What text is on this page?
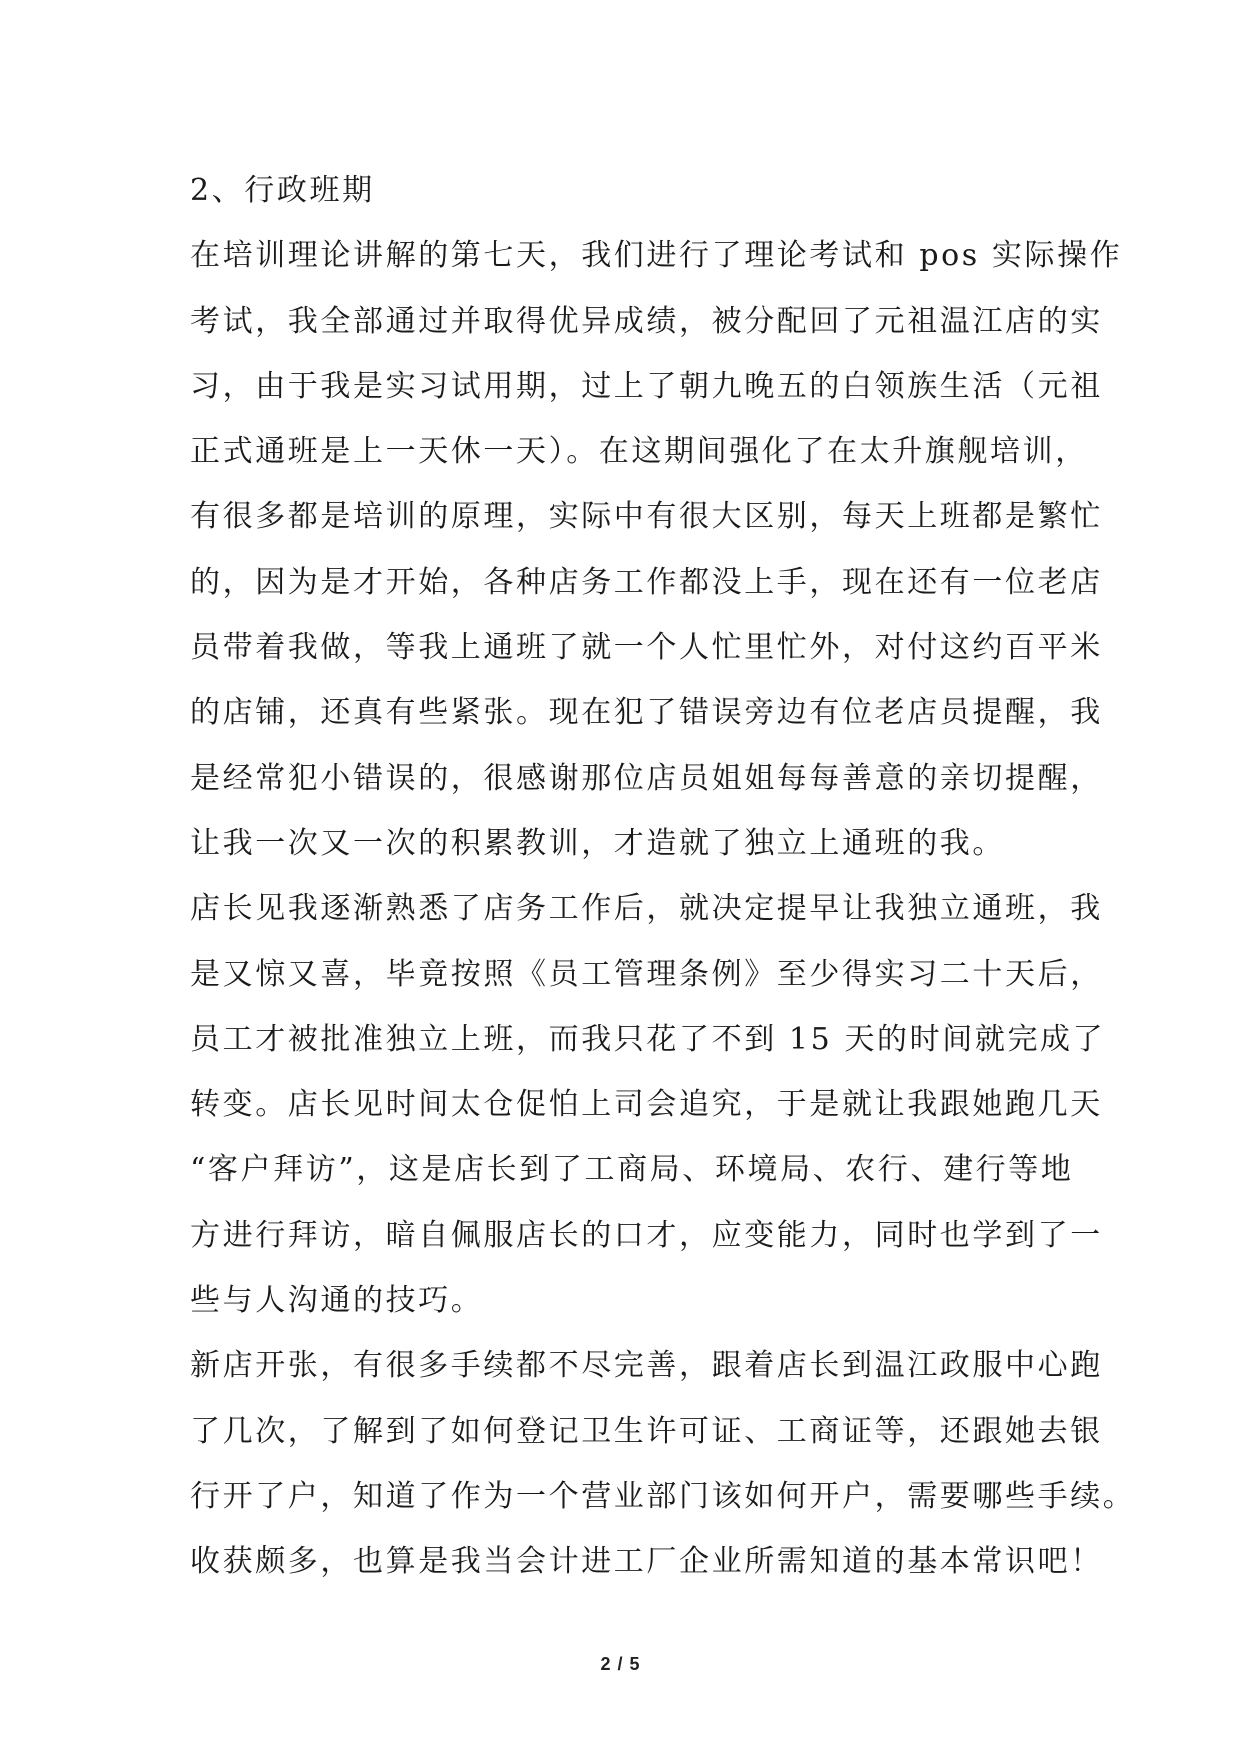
2、行政班期
在培训理论讲解的第七天，我们进行了理论考试和 pos 实际操作
考试，我全部通过并取得优异成绩，被分配回了元祖温江店的实
习，由于我是实习试用期，过上了朝九晚五的白领族生活（元祖
正式通班是上一天休一天）。在这期间强化了在太升旗舰培训，
有很多都是培训的原理，实际中有很大区别，每天上班都是繁忙
的，因为是才开始，各种店务工作都没上手，现在还有一位老店
员带着我做，等我上通班了就一个人忙里忙外，对付这约百平米
的店铺，还真有些紧张。现在犯了错误旁边有位老店员提醒，我
是经常犯小错误的，很感谢那位店员姐姐每每善意的亲切提醒，
让我一次又一次的积累教训，才造就了独立上通班的我。
店长见我逐渐熟悉了店务工作后，就决定提早让我独立通班，我
是又惊又喜，毕竟按照《员工管理条例》至少得实习二十天后，
员工才被批准独立上班，而我只花了不到 15 天的时间就完成了
转变。店长见时间太仓促怕上司会追究，于是就让我跟她跑几天
“客户拜访”，这是店长到了工商局、环境局、农行、建行等地
方进行拜访，暗自佩服店长的口才，应变能力，同时也学到了一
些与人沟通的技巧。
新店开张，有很多手续都不尽完善，跟着店长到温江政服中心跑
了几次，了解到了如何登记卫生许可证、工商证等，还跟她去银
行开了户，知道了作为一个营业部门该如何开户，需要哪些手续。
收获颇多，也算是我当会计进工厂企业所需知道的基本常识吧！
2 / 5
